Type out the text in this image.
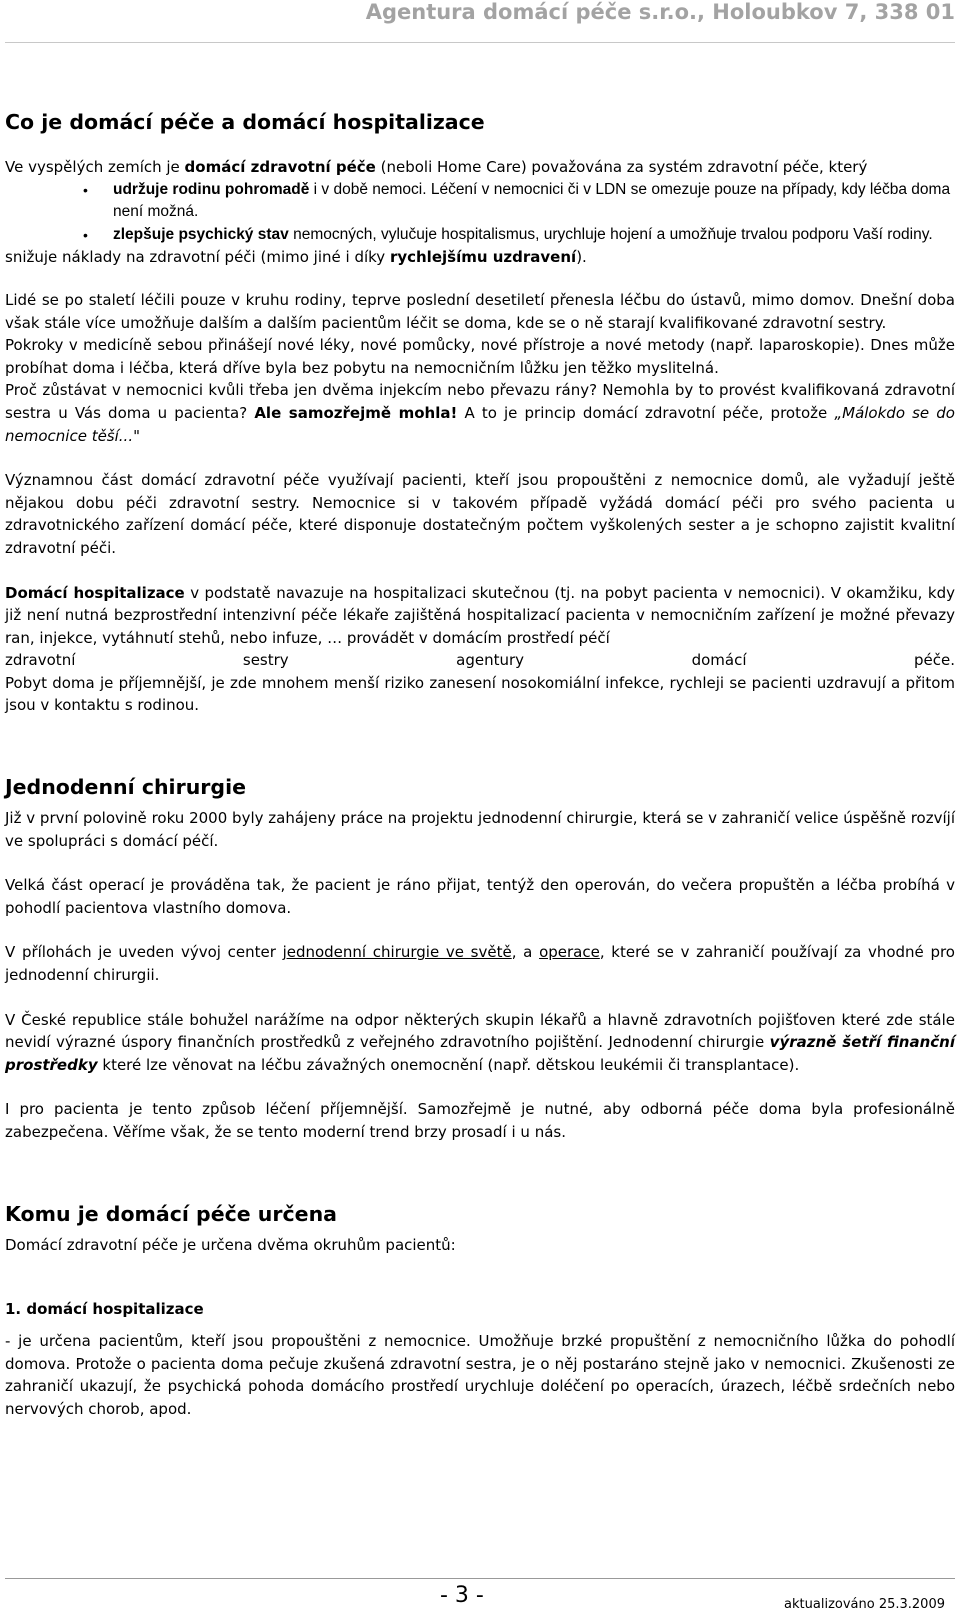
Agentura domácí péče s.r.o., Holoubkov 7, 338 01
Co je domácí péče a domácí hospitalizace

Ve vyspělých zemích je domácí zdravotní péče (neboli Home Care) považována za systém zdravotní péče, který

• udržuje rodinu pohromadě i v době nemoci. Léčení v nemocnici či v LDN se omezuje pouze na případy, kdy léčba doma není možná.
• zlepšuje psychický stav nemocných, vylučuje hospitalismus, urychluje hojení a umožňuje trvalou podporu Vaší rodiny.

snižuje náklady na zdravotní péči (mimo jiné i díky rychlejšímu uzdravení).

Lidé se po staletí léčili pouze v kruhu rodiny, teprve poslední desetiletí přenesla léčbu do ústavů, mimo domov. Dnešní doba však stále více umožňuje dalším a dalším pacientům léčit se doma, kde se o ně starají kvalifikované zdravotní sestry.

Pokroky v medicíně sebou přinášejí nové léky, nové pomůcky, nové přístroje a nové metody (např. laparoskopie). Dnes může probíhat doma i léčba, která dříve byla bez pobytu na nemocničním lůžku jen těžko myslitelná.

Proč zůstávat v nemocnici kvůli třeba jen dvěma injekcím nebo převazu rány? Nemohla by to provést kvalifikovaná zdravotní sestra u Vás doma u pacienta? Ale samozřejmě mohla! A to je princip domácí zdravotní péče, protože „Málokdo se do nemocnice těší..."

Významnou část domácí zdravotní péče využívají pacienti, kteří jsou propouštěni z nemocnice domů, ale vyžadují ještě nějakou dobu péči zdravotní sestry. Nemocnice si v takovém případě vyžádá domácí péči pro svého pacienta u zdravotnického zařízení domácí péče, které disponuje dostatečným počtem vyškolených sester a je schopno zajistit kvalitní zdravotní péči.

Domácí hospitalizace v podstatě navazuje na hospitalizaci skutečnou (tj. na pobyt pacienta v nemocnici). V okamžiku, kdy již není nutná bezprostřední intenzivní péče lékaře zajištěná hospitalizací pacienta v nemocničním zařízení je možné převazy ran, injekce, vytáhnutí stehů, nebo infuze, … provádět v domácím prostředí péčí

zdravotní sestry agentury domácí péče.

Pobyt doma je příjemnější, je zde mnohem menší riziko zanesení nosokomiální infekce, rychleji se pacienti uzdravují a přitom jsou v kontaktu s rodinou.

Jednodenní chirurgie

Již v první polovině roku 2000 byly zahájeny práce na projektu jednodenní chirurgie, která se v zahraničí velice úspěšně rozvíjí ve spolupráci s domácí péčí.

Velká část operací je prováděna tak, že pacient je ráno přijat, tentýž den operován, do večera propuštěn a léčba probíhá v pohodlí pacientova vlastního domova.

V přílohách je uveden vývoj center jednodenní chirurgie ve světě, a operace, které se v zahraničí používají za vhodné pro jednodenní chirurgii.

V České republice stále bohužel narážíme na odpor některých skupin lékařů a hlavně zdravotních pojišťoven které zde stále nevidí výrazné úspory finančních prostředků z veřejného zdravotního pojištění. Jednodenní chirurgie výrazně šetří finanční prostředky které lze věnovat na léčbu závažných onemocnění (např. dětskou leukémii či transplantace).

I pro pacienta je tento způsob léčení příjemnější. Samozřejmě je nutné, aby odborná péče doma byla profesionálně zabezpečena. Věříme však, že se tento moderní trend brzy prosadí i u nás.

Komu je domácí péče určena

Domácí zdravotní péče je určena dvěma okruhům pacientů:

1. domácí hospitalizace

- je určena pacientům, kteří jsou propouštěni z nemocnice. Umožňuje brzké propuštění z nemocničního lůžka do pohodlí domova. Protože o pacienta doma pečuje zkušená zdravotní sestra, je o něj postaráno stejně jako v nemocnici. Zkušenosti ze zahraničí ukazují, že psychická pohoda domácího prostředí urychluje doléčení po operacích, úrazech, léčbě srdečních nebo nervových chorob, apod.

- 3 -	aktualizováno 25.3.2009
